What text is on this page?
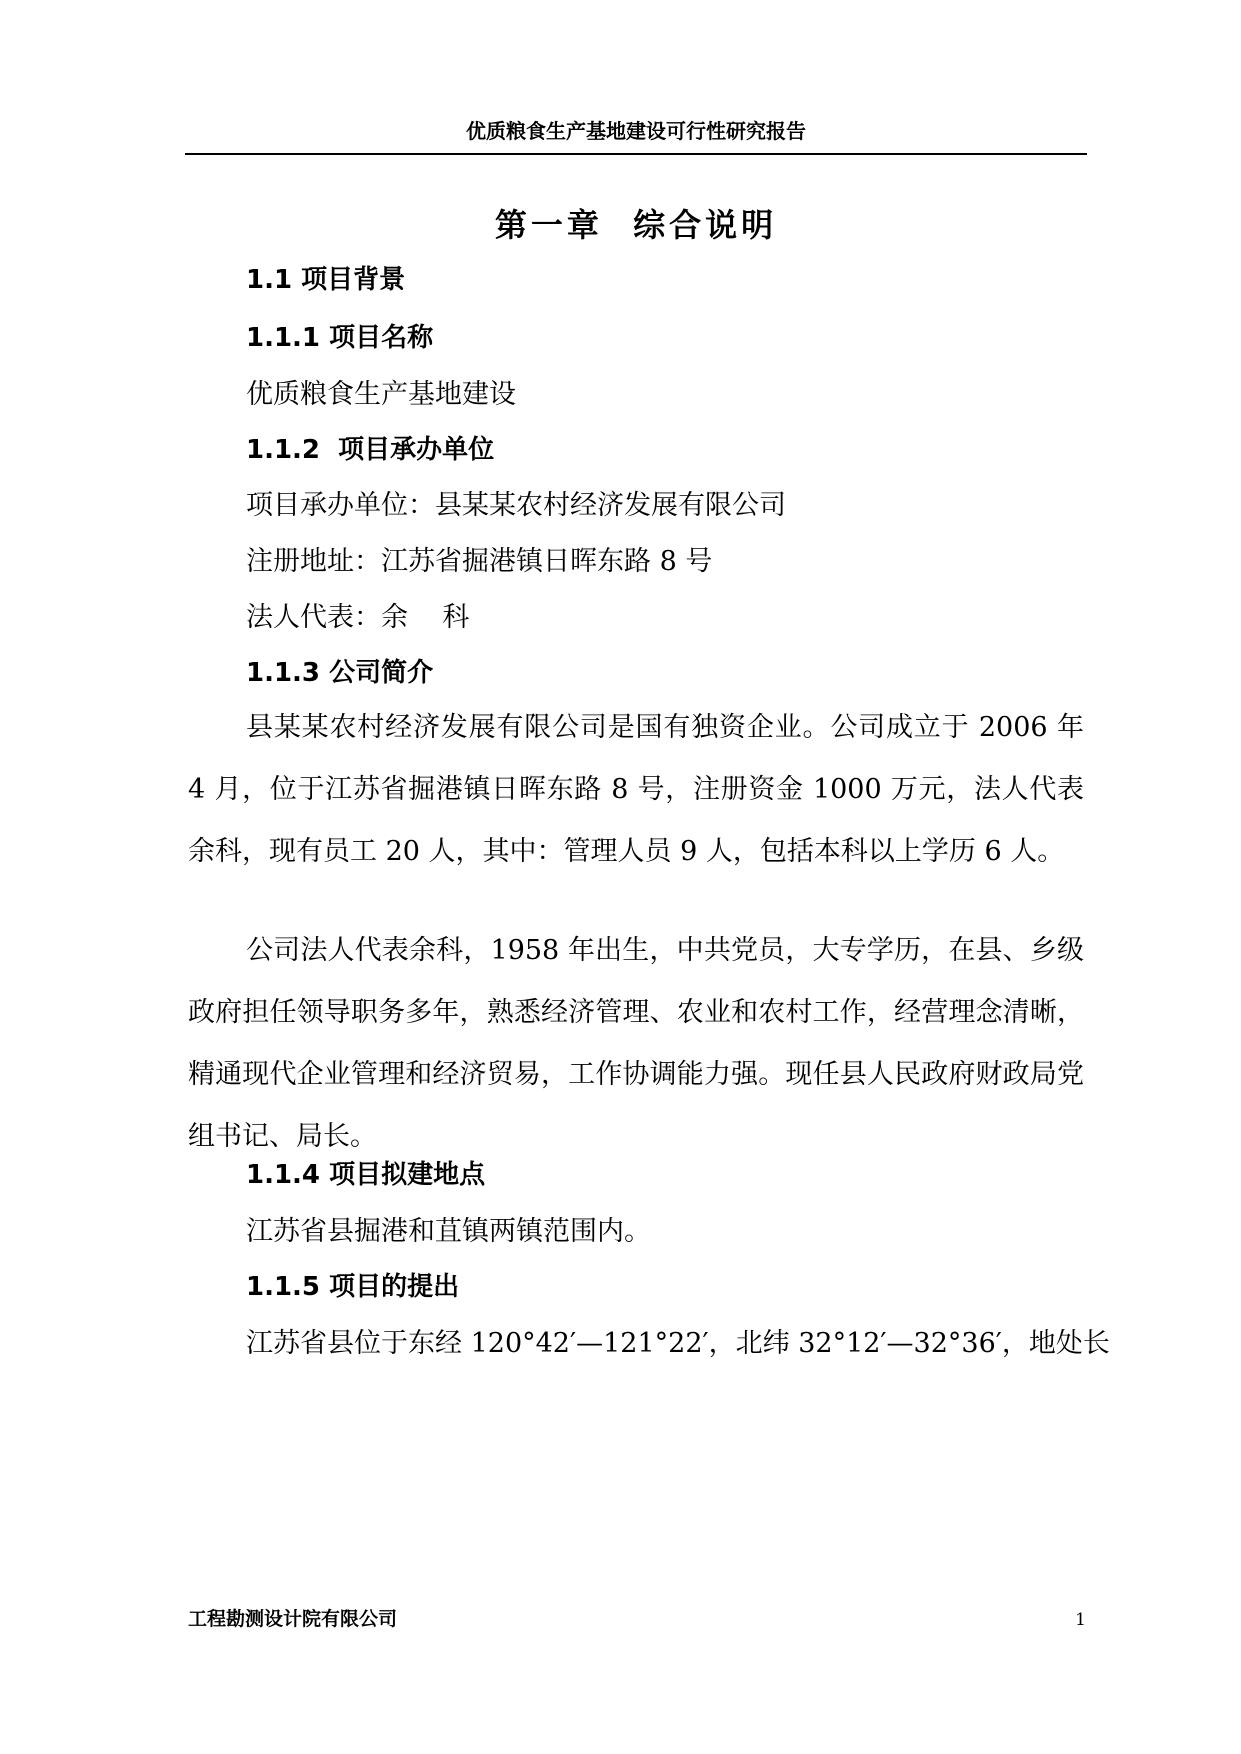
优质粮食生产基地建设可行性研究报告
第一章  综合说明
1.1 项目背景
1.1.1 项目名称
优质粮食生产基地建设
1.1.2  项目承办单位
项目承办单位：县某某农村经济发展有限公司
注册地址：江苏省掘港镇日晖东路 8 号
法人代表：余    科
1.1.3 公司简介
县某某农村经济发展有限公司是国有独资企业。公司成立于 2006 年 4 月，位于江苏省掘港镇日晖东路 8 号，注册资金 1000 万元，法人代表余科，现有员工 20 人，其中：管理人员 9 人，包括本科以上学历 6 人。
公司法人代表余科，1958 年出生，中共党员，大专学历，在县、乡级政府担任领导职务多年，熟悉经济管理、农业和农村工作，经营理念清晰，精通现代企业管理和经济贸易，工作协调能力强。现任县人民政府财政局党组书记、局长。
1.1.4 项目拟建地点
江苏省县掘港和苴镇两镇范围内。
1.1.5 项目的提出
江苏省县位于东经 120°42′—121°22′，北纬 32°12′—32°36′，地处长
工程勘测设计院有限公司	1
